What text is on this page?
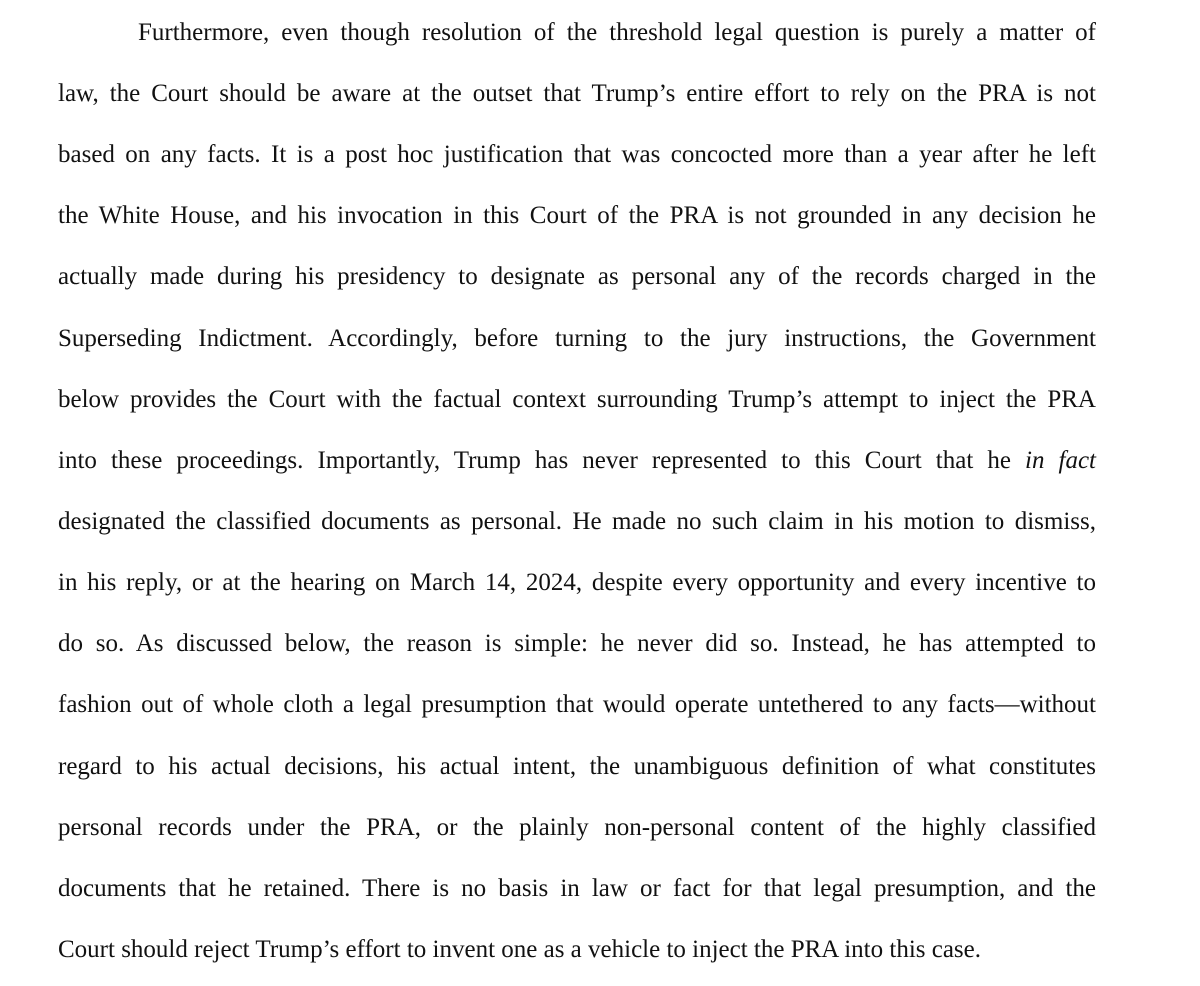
Furthermore, even though resolution of the threshold legal question is purely a matter of
law, the Court should be aware at the outset that Trump’s entire effort to rely on the PRA is not
based on any facts. It is a post hoc justification that was concocted more than a year after he left
the White House, and his invocation in this Court of the PRA is not grounded in any decision he
actually made during his presidency to designate as personal any of the records charged in the
Superseding Indictment. Accordingly, before turning to the jury instructions, the Government
below provides the Court with the factual context surrounding Trump’s attempt to inject the PRA
into these proceedings. Importantly, Trump has never represented to this Court that he in fact
designated the classified documents as personal. He made no such claim in his motion to dismiss,
in his reply, or at the hearing on March 14, 2024, despite every opportunity and every incentive to
do so. As discussed below, the reason is simple: he never did so. Instead, he has attempted to
fashion out of whole cloth a legal presumption that would operate untethered to any facts—without
regard to his actual decisions, his actual intent, the unambiguous definition of what constitutes
personal records under the PRA, or the plainly non-personal content of the highly classified
documents that he retained. There is no basis in law or fact for that legal presumption, and the
Court should reject Trump’s effort to invent one as a vehicle to inject the PRA into this case.
